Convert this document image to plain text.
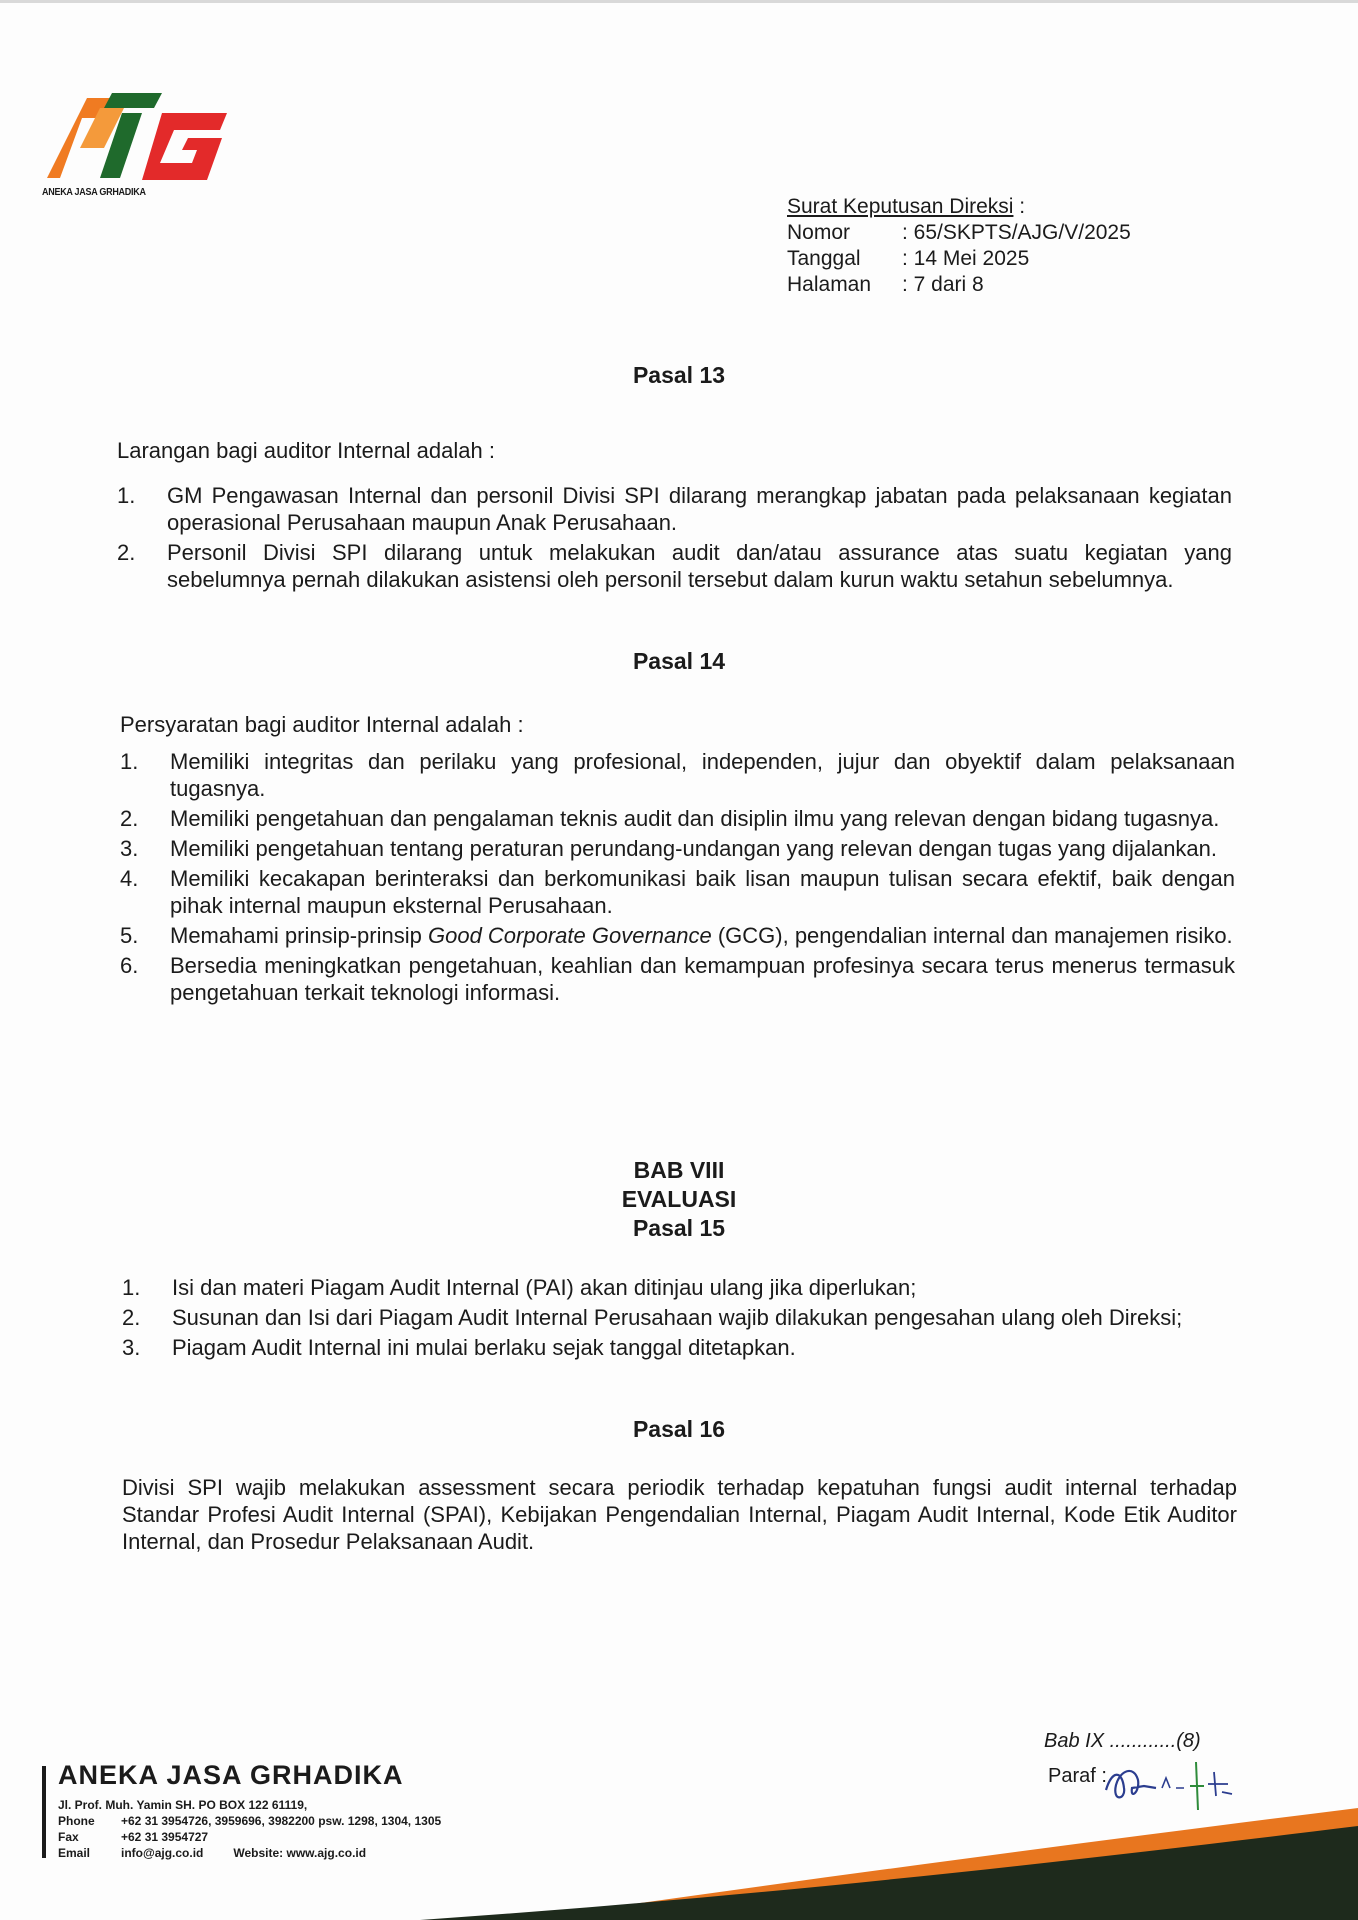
ANEKA JASA GRHADIKA
Surat Keputusan Direksi :
Nomor	: 65/SKPTS/AJG/V/2025
Tanggal	: 14 Mei 2025
Halaman	: 7 dari 8
Pasal 13
Larangan bagi auditor Internal adalah :
1. GM Pengawasan Internal dan personil Divisi SPI dilarang merangkap jabatan pada pelaksanaan kegiatan operasional Perusahaan maupun Anak Perusahaan.
2. Personil Divisi SPI dilarang untuk melakukan audit dan/atau assurance atas suatu kegiatan yang sebelumnya pernah dilakukan asistensi oleh personil tersebut dalam kurun waktu setahun sebelumnya.
Pasal 14
Persyaratan bagi auditor Internal adalah :
1. Memiliki integritas dan perilaku yang profesional, independen, jujur dan obyektif dalam pelaksanaan tugasnya.
2. Memiliki pengetahuan dan pengalaman teknis audit dan disiplin ilmu yang relevan dengan bidang tugasnya.
3. Memiliki pengetahuan tentang peraturan perundang-undangan yang relevan dengan tugas yang dijalankan.
4. Memiliki kecakapan berinteraksi dan berkomunikasi baik lisan maupun tulisan secara efektif, baik dengan pihak internal maupun eksternal Perusahaan.
5. Memahami prinsip-prinsip Good Corporate Governance (GCG), pengendalian internal dan manajemen risiko.
6. Bersedia meningkatkan pengetahuan, keahlian dan kemampuan profesinya secara terus menerus termasuk pengetahuan terkait teknologi informasi.
BAB VIII
EVALUASI
Pasal 15
1. Isi dan materi Piagam Audit Internal (PAI) akan ditinjau ulang jika diperlukan;
2. Susunan dan Isi dari Piagam Audit Internal Perusahaan wajib dilakukan pengesahan ulang oleh Direksi;
3. Piagam Audit Internal ini mulai berlaku sejak tanggal ditetapkan.
Pasal 16
Divisi SPI wajib melakukan assessment secara periodik terhadap kepatuhan fungsi audit internal terhadap Standar Profesi Audit Internal (SPAI), Kebijakan Pengendalian Internal, Piagam Audit Internal, Kode Etik Auditor Internal, dan Prosedur Pelaksanaan Audit.
Bab IX ............(8)
Paraf :
ANEKA JASA GRHADIKA
Jl. Prof. Muh. Yamin SH. PO BOX 122 61119,
Phone +62 31 3954726, 3959696, 3982200 psw. 1298, 1304, 1305
Fax	+62 31 3954727
Email	info@ajg.co.id	Website: www.ajg.co.id
